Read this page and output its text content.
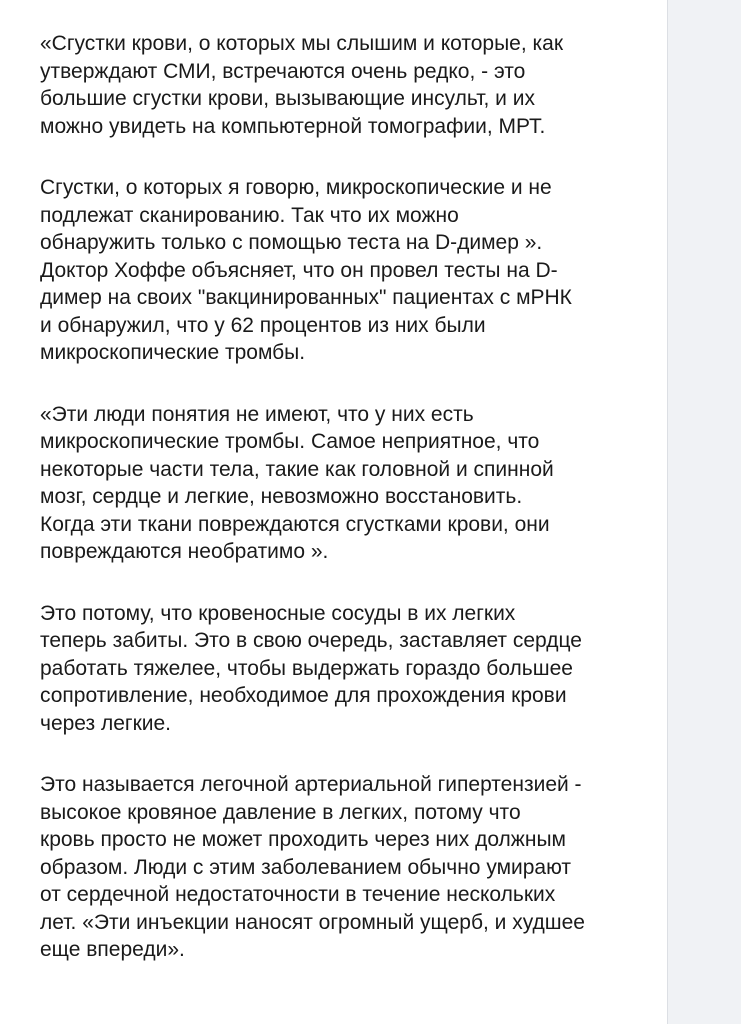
«Сгустки крови, о которых мы слышим и которые, как
утверждают СМИ, встречаются очень редко, - это
большие сгустки крови, вызывающие инсульт, и их
можно увидеть на компьютерной томографии, МРТ.

Сгустки, о которых я говорю, микроскопические и не
подлежат сканированию. Так что их можно
обнаружить только с помощью теста на D-димер ».
Доктор Хоффе объясняет, что он провел тесты на D-
димер на своих "вакцинированных" пациентах с мРНК
и обнаружил, что у 62 процентов из них были
микроскопические тромбы.

«Эти люди понятия не имеют, что у них есть
микроскопические тромбы. Самое неприятное, что
некоторые части тела, такие как головной и спинной
мозг, сердце и легкие, невозможно восстановить.
Когда эти ткани повреждаются сгустками крови, они
повреждаются необратимо ».

Это потому, что кровеносные сосуды в их легких
теперь забиты. Это в свою очередь, заставляет сердце
работать тяжелее, чтобы выдержать гораздо большее
сопротивление, необходимое для прохождения крови
через легкие.

Это называется легочной артериальной гипертензией -
высокое кровяное давление в легких, потому что
кровь просто не может проходить через них должным
образом. Люди с этим заболеванием обычно умирают
от сердечной недостаточности в течение нескольких
лет. «Эти инъекции наносят огромный ущерб, и худшее
еще впереди».
